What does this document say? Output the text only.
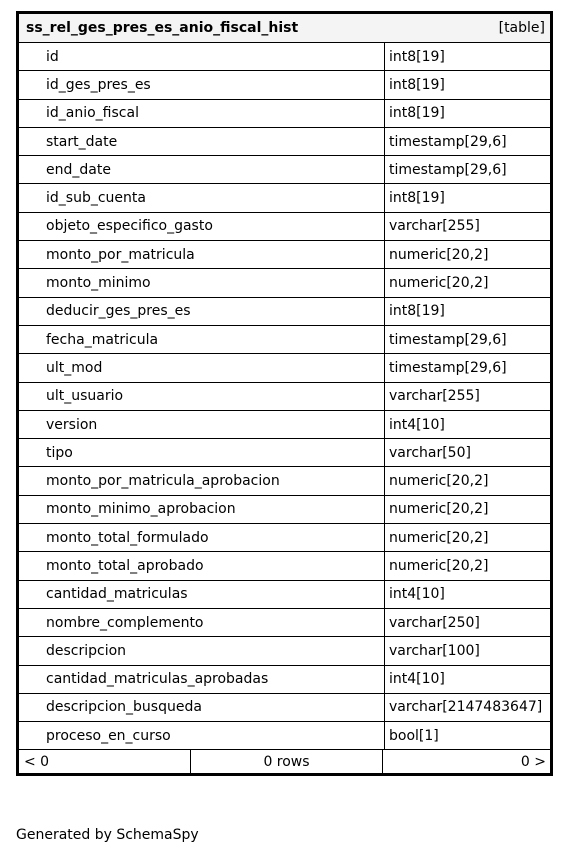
ss_rel_ges_pres_es_anio_fiscal_hist	[table]
id	int8[19]
id_ges_pres_es	int8[19]
id_anio_fiscal	int8[19]
start_date	timestamp[29,6]
end_date	timestamp[29,6]
id_sub_cuenta	int8[19]
objeto_especifico_gasto	varchar[255]
monto_por_matricula	numeric[20,2]
monto_minimo	numeric[20,2]
deducir_ges_pres_es	int8[19]
fecha_matricula	timestamp[29,6]
ult_mod	timestamp[29,6]
ult_usuario	varchar[255]
version	int4[10]
tipo	varchar[50]
monto_por_matricula_aprobacion	numeric[20,2]
monto_minimo_aprobacion	numeric[20,2]
monto_total_formulado	numeric[20,2]
monto_total_aprobado	numeric[20,2]
cantidad_matriculas	int4[10]
nombre_complemento	varchar[250]
descripcion	varchar[100]
cantidad_matriculas_aprobadas	int4[10]
descripcion_busqueda	varchar[2147483647]
proceso_en_curso	bool[1]
< 0	0 rows	0 >
Generated by SchemaSpy
